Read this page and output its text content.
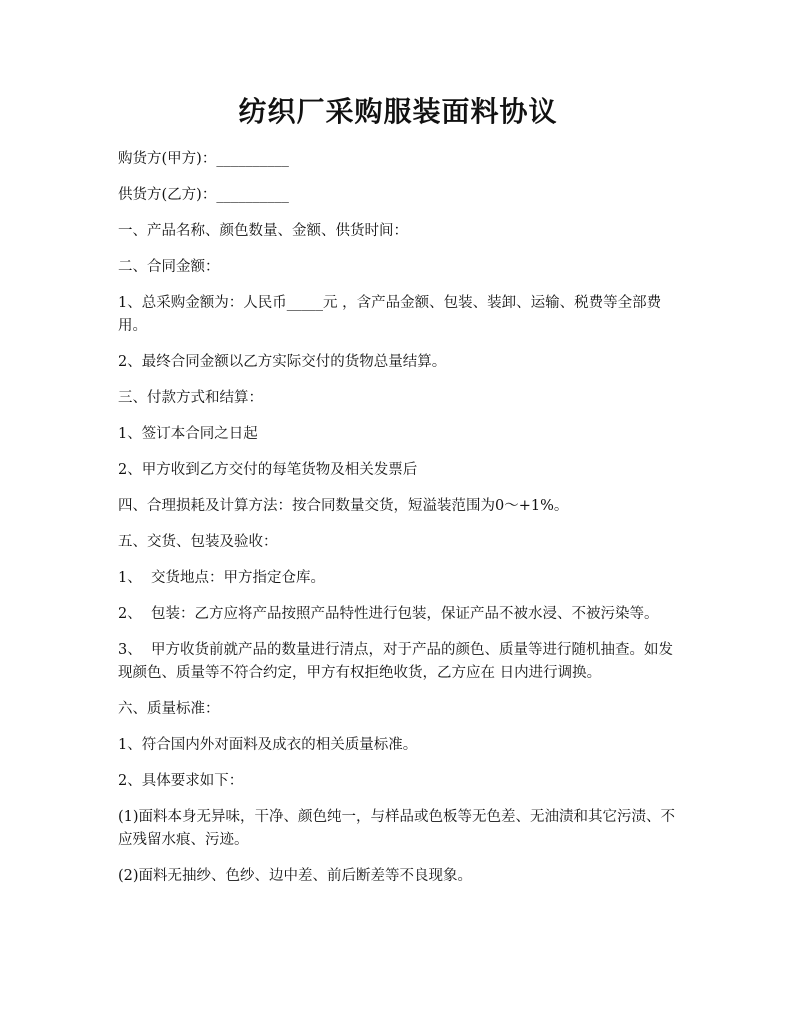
纺织厂采购服装面料协议

购货方(甲方)：__________

供货方(乙方)：__________

一、产品名称、颜色数量、金额、供货时间：

二、合同金额：

1、总采购金额为：人民币_____元 ，含产品金额、包装、装卸、运输、税费等全部费用。

2、最终合同金额以乙方实际交付的货物总量结算。

三、付款方式和结算：

1、签订本合同之日起

2、甲方收到乙方交付的每笔货物及相关发票后

四、合理损耗及计算方法：按合同数量交货，短溢装范围为0～+1%。

五、交货、包装及验收：

1、  交货地点：甲方指定仓库。

2、  包装：乙方应将产品按照产品特性进行包装，保证产品不被水浸、不被污染等。

3、  甲方收货前就产品的数量进行清点，对于产品的颜色、质量等进行随机抽查。如发现颜色、质量等不符合约定，甲方有权拒绝收货，乙方应在 日内进行调换。

六、质量标准：

1、符合国内外对面料及成衣的相关质量标准。

2、具体要求如下：

(1)面料本身无异味，干净、颜色纯一，与样品或色板等无色差、无油渍和其它污渍、不应残留水痕、污迹。

(2)面料无抽纱、色纱、边中差、前后断差等不良现象。
